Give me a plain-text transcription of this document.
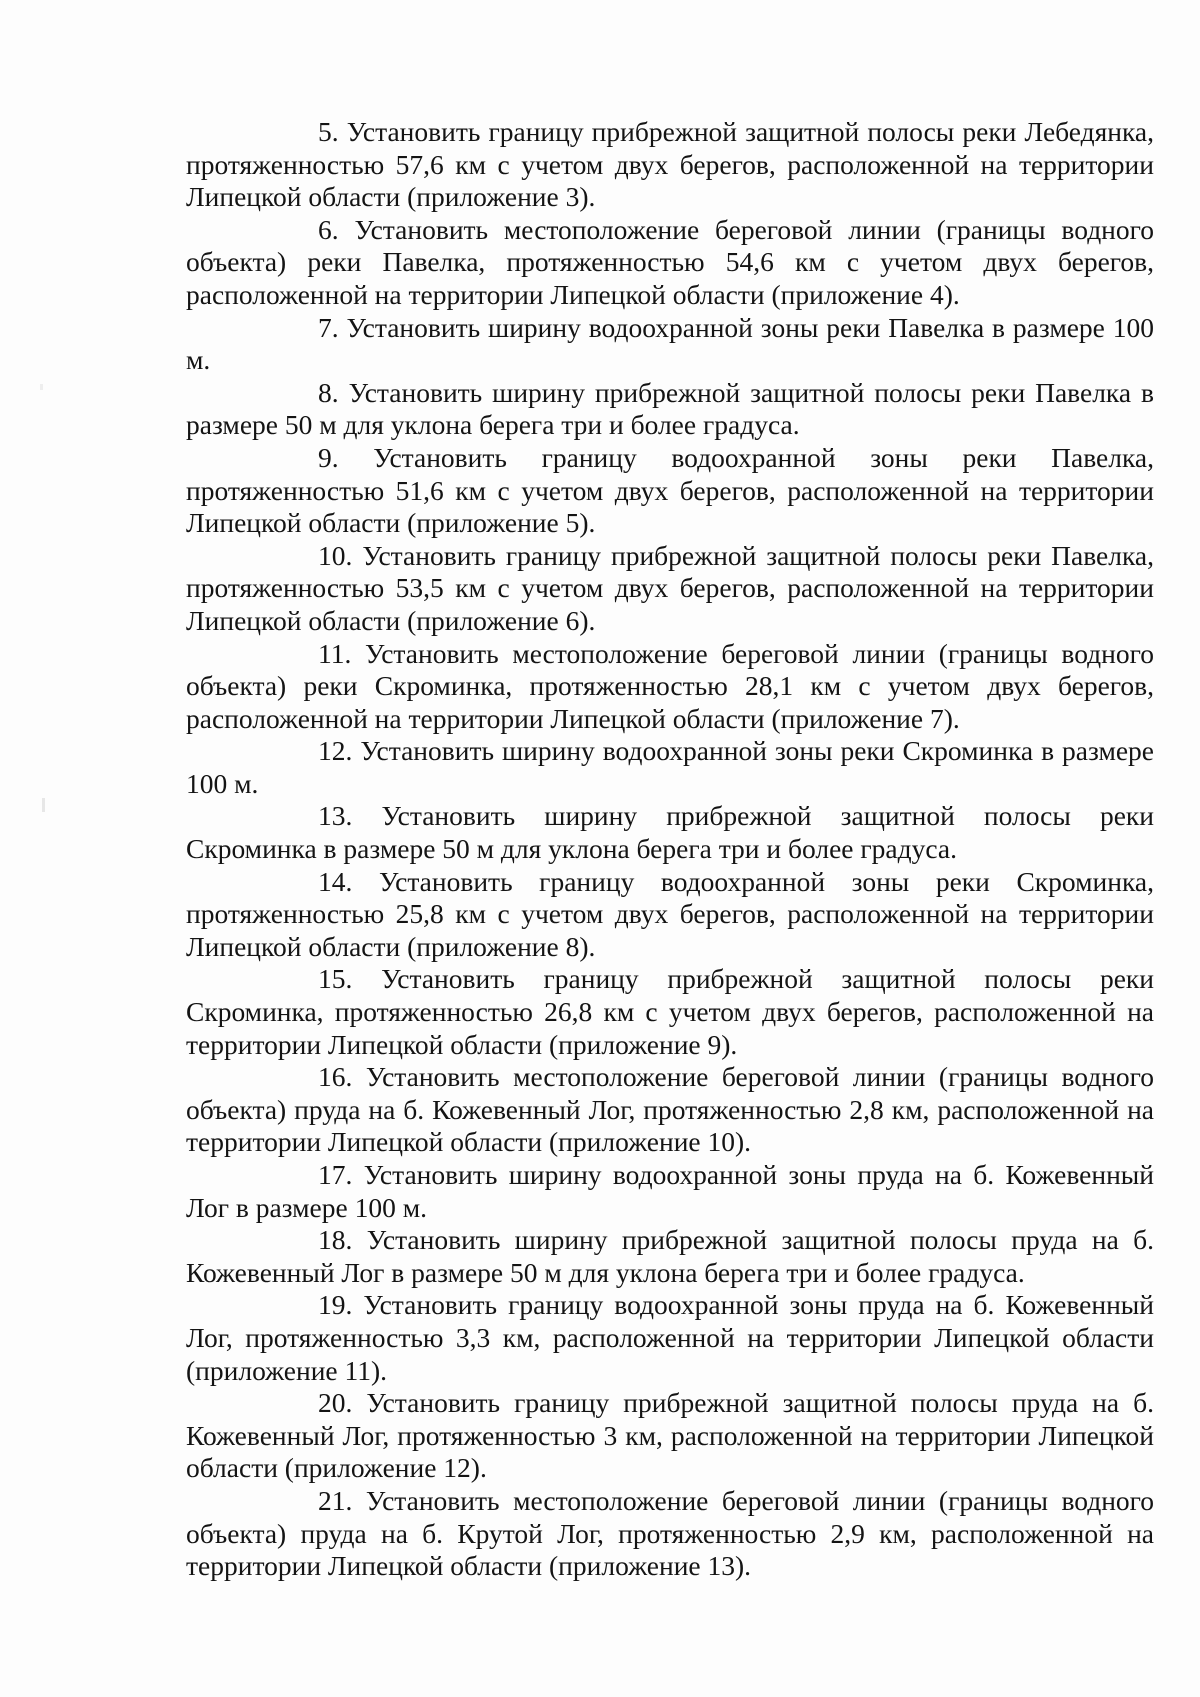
5. Установить границу прибрежной защитной полосы реки Лебедянка, протяженностью 57,6 км с учетом двух берегов, расположенной на территории Липецкой области (приложение 3).

6. Установить местоположение береговой линии (границы водного объекта) реки Павелка, протяженностью 54,6 км с учетом двух берегов, расположенной на территории Липецкой области (приложение 4).

7. Установить ширину водоохранной зоны реки Павелка в размере 100 м.

8. Установить ширину прибрежной защитной полосы реки Павелка в размере 50 м для уклона берега три и более градуса.

9. Установить границу водоохранной зоны реки Павелка, протяженностью 51,6 км с учетом двух берегов, расположенной на территории Липецкой области (приложение 5).

10. Установить границу прибрежной защитной полосы реки Павелка, протяженностью 53,5 км с учетом двух берегов, расположенной на территории Липецкой области (приложение 6).

11. Установить местоположение береговой линии (границы водного объекта) реки Скроминка, протяженностью 28,1 км с учетом двух берегов, расположенной на территории Липецкой области (приложение 7).

12. Установить ширину водоохранной зоны реки Скроминка в размере 100 м.

13. Установить ширину прибрежной защитной полосы реки Скроминка в размере 50 м для уклона берега три и более градуса.

14. Установить границу водоохранной зоны реки Скроминка, протяженностью 25,8 км с учетом двух берегов, расположенной на территории Липецкой области (приложение 8).

15. Установить границу прибрежной защитной полосы реки Скроминка, протяженностью 26,8 км с учетом двух берегов, расположенной на территории Липецкой области (приложение 9).

16. Установить местоположение береговой линии (границы водного объекта) пруда на б. Кожевенный Лог, протяженностью 2,8 км, расположенной на территории Липецкой области (приложение 10).

17. Установить ширину водоохранной зоны пруда на б. Кожевенный Лог в размере 100 м.

18. Установить ширину прибрежной защитной полосы пруда на б. Кожевенный Лог в размере 50 м для уклона берега три и более градуса.

19. Установить границу водоохранной зоны пруда на б. Кожевенный Лог, протяженностью 3,3 км, расположенной на территории Липецкой области (приложение 11).

20. Установить границу прибрежной защитной полосы пруда на б. Кожевенный Лог, протяженностью 3 км, расположенной на территории Липецкой области (приложение 12).

21. Установить местоположение береговой линии (границы водного объекта) пруда на б. Крутой Лог, протяженностью 2,9 км, расположенной на территории Липецкой области (приложение 13).
